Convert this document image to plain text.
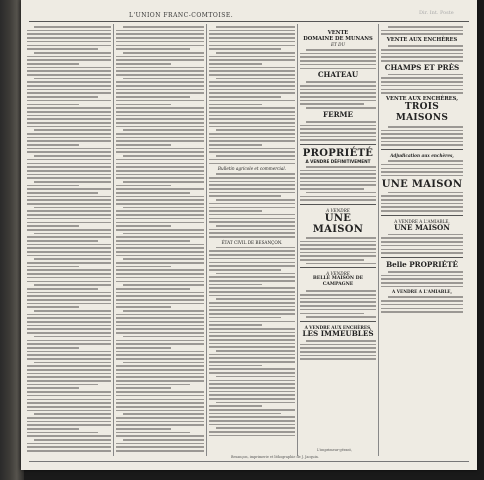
L'UNION FRANC-COMTOISE.	Dir. Int. Poste
Bulletin agricole et commercial.
ÉTAT CIVIL DE BESANÇON.
VENTE
DOMAINE DE MUNANS
ET DU
CHATEAU
FERME
PROPRIÉTÉ
A VENDRE DÉFINITIVEMENT
A VENDRE
UNE MAISON
A VENDRE
BELLE MAISON DE CAMPAGNE
A VENDRE AUX ENCHÈRES,
LES IMMEUBLES
VENTE AUX ENCHÈRES
CHAMPS ET PRÈS
VENTE AUX ENCHÈRES,
TROIS MAISONS
Adjudication aux enchères,
UNE MAISON
A VENDRE A L'AMIABLE,
UNE MAISON
Belle PROPRIÉTÉ
A VENDRE A L'AMIABLE,
L'imprimeur-gérant,
Besançon, imprimerie et lithographie de J. Jacquin.
